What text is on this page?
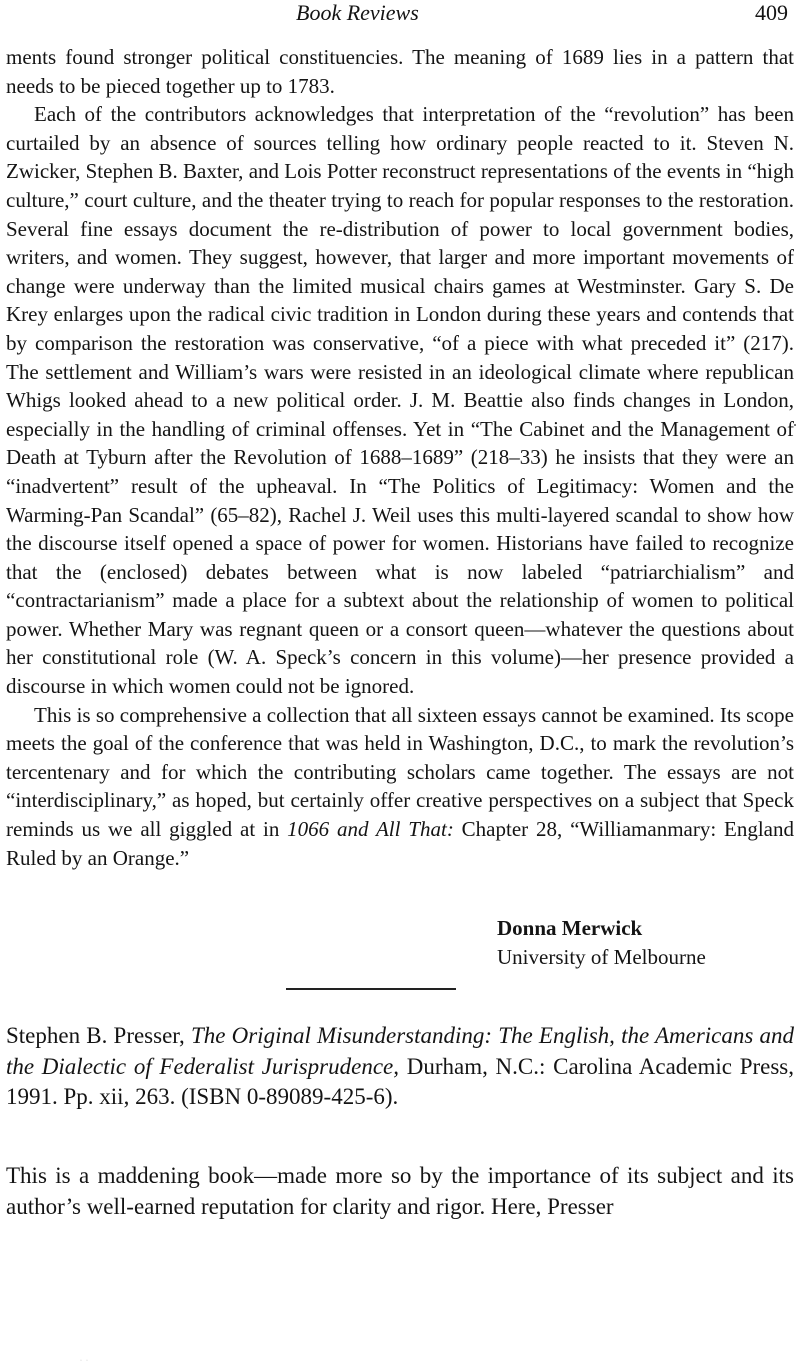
Book Reviews	409

ments found stronger political constituencies. The meaning of 1689 lies in a pattern that needs to be pieced together up to 1783.

Each of the contributors acknowledges that interpretation of the “revolution” has been curtailed by an absence of sources telling how ordinary people reacted to it. Steven N. Zwicker, Stephen B. Baxter, and Lois Potter reconstruct representations of the events in “high culture,” court culture, and the theater trying to reach for popular responses to the restoration. Several fine essays document the re-distribution of power to local government bodies, writers, and women. They suggest, however, that larger and more important movements of change were underway than the limited musical chairs games at Westminster. Gary S. De Krey enlarges upon the radical civic tradition in London during these years and contends that by comparison the restoration was conservative, “of a piece with what preceded it” (217). The settlement and William’s wars were resisted in an ideological climate where republican Whigs looked ahead to a new political order. J. M. Beattie also finds changes in London, especially in the handling of criminal offenses. Yet in “The Cabinet and the Management of Death at Tyburn after the Revolution of 1688–1689” (218–33) he insists that they were an “inadvertent” result of the upheaval. In “The Politics of Legitimacy: Women and the Warming-Pan Scandal” (65–82), Rachel J. Weil uses this multi-layered scandal to show how the discourse itself opened a space of power for women. Historians have failed to recognize that the (enclosed) debates between what is now labeled “patriarchialism” and “contractarianism” made a place for a subtext about the relationship of women to political power. Whether Mary was regnant queen or a consort queen—whatever the questions about her constitutional role (W. A. Speck’s concern in this volume)—her presence provided a discourse in which women could not be ignored.

This is so comprehensive a collection that all sixteen essays cannot be examined. Its scope meets the goal of the conference that was held in Washington, D.C., to mark the revolution’s tercentenary and for which the contributing scholars came together. The essays are not “interdisciplinary,” as hoped, but certainly offer creative perspectives on a subject that Speck reminds us we all giggled at in 1066 and All That: Chapter 28, “Williamanmary: England Ruled by an Orange.”

Donna Merwick
University of Melbourne
Stephen B. Presser, The Original Misunderstanding: The English, the Americans and the Dialectic of Federalist Jurisprudence, Durham, N.C.: Carolina Academic Press, 1991. Pp. xii, 263. (ISBN 0-89089-425-6).
This is a maddening book—made more so by the importance of its subject and its author’s well-earned reputation for clarity and rigor. Here, Presser
··
